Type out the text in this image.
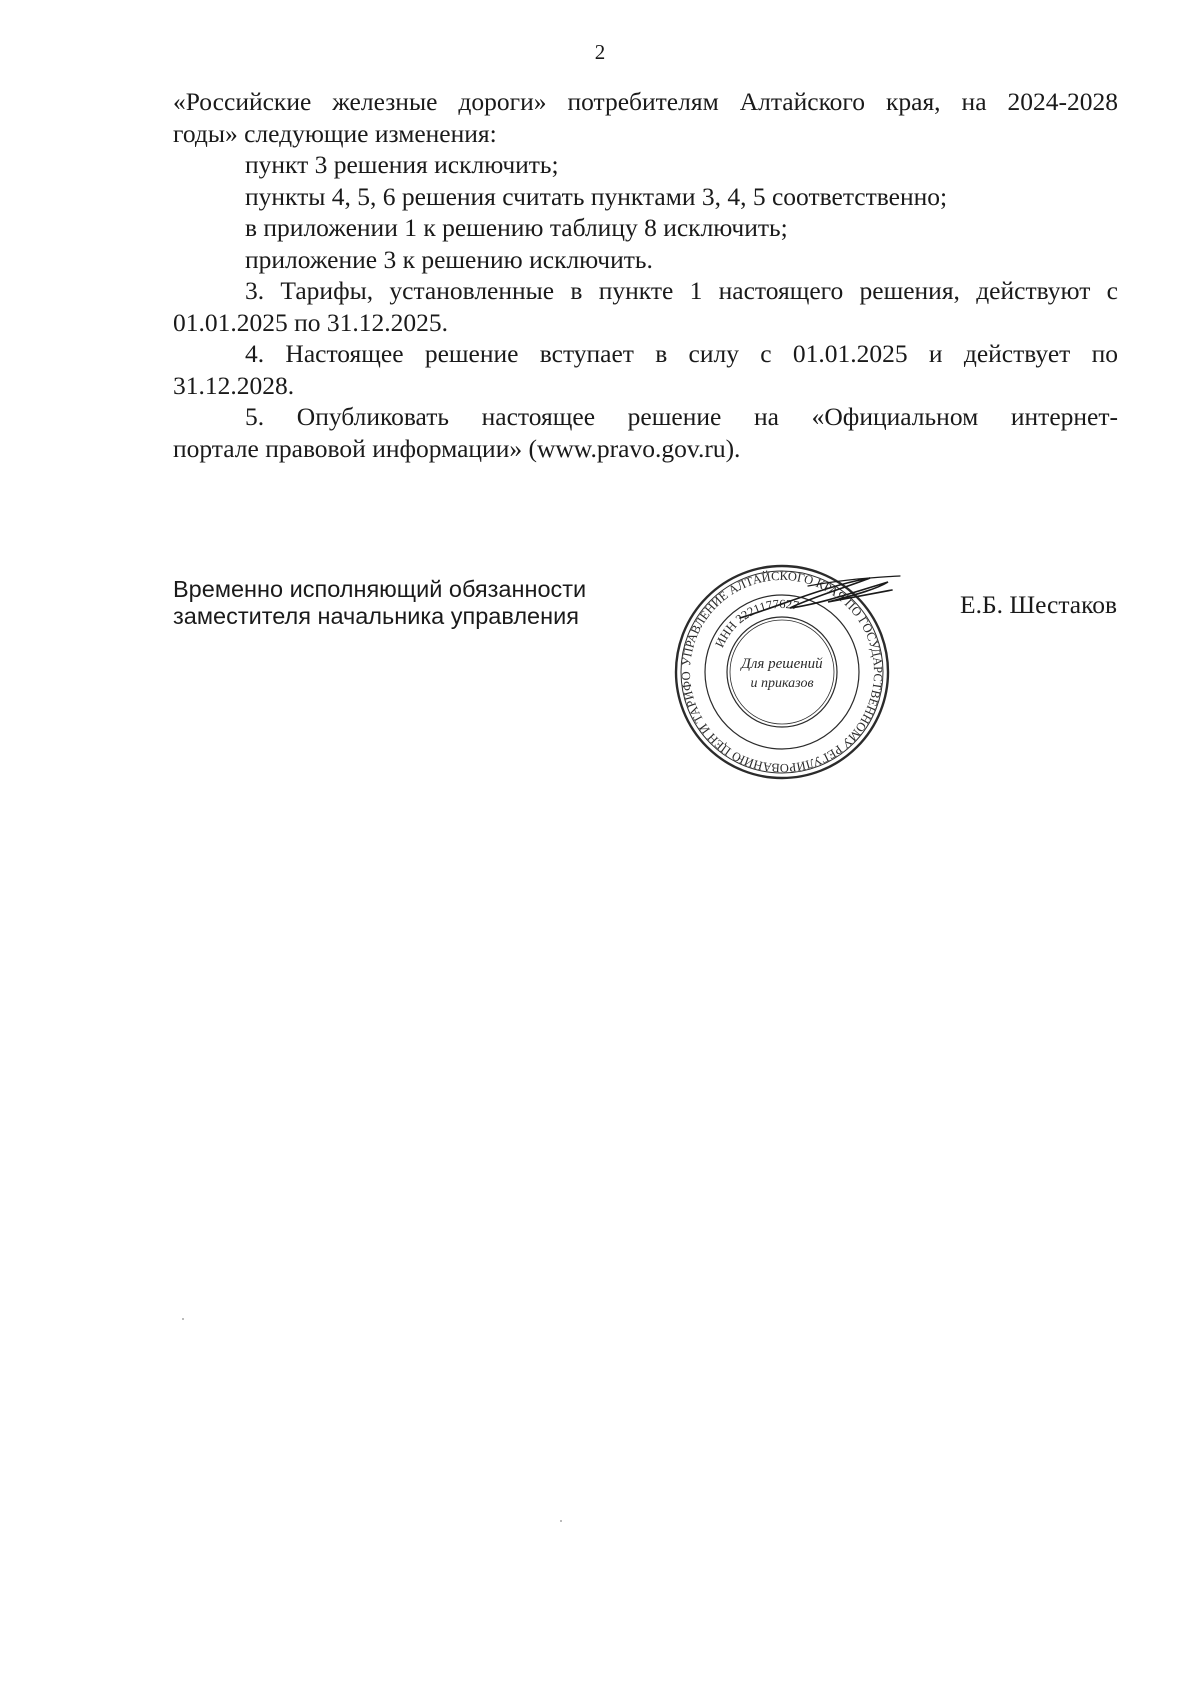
2
«Российские железные дороги» потребителям Алтайского края, на 2024-2028
годы» следующие изменения:
пункт 3 решения исключить;
пункты 4, 5, 6 решения считать пунктами 3, 4, 5 соответственно;
в приложении 1 к решению таблицу 8 исключить;
приложение 3 к решению исключить.
3. Тарифы, установленные в пункте 1 настоящего решения, действуют с
01.01.2025 по 31.12.2025.
4. Настоящее решение вступает в силу с 01.01.2025 и действует по
31.12.2028.
5. Опубликовать настоящее решение на «Официальном интернет-
портале правовой информации» (www.pravo.gov.ru).
Временно исполняющий обязанности
заместителя начальника управления
УПРАВЛЕНИЕ АЛТАЙСКОГО КРАЯ ПО ГОСУДАРСТВЕННОМУ РЕГУЛИРОВАНИЮ ЦЕН И ТАРИФО
ИНН 2221177627
Для решений
и приказов
Е.Б. Шестаков
